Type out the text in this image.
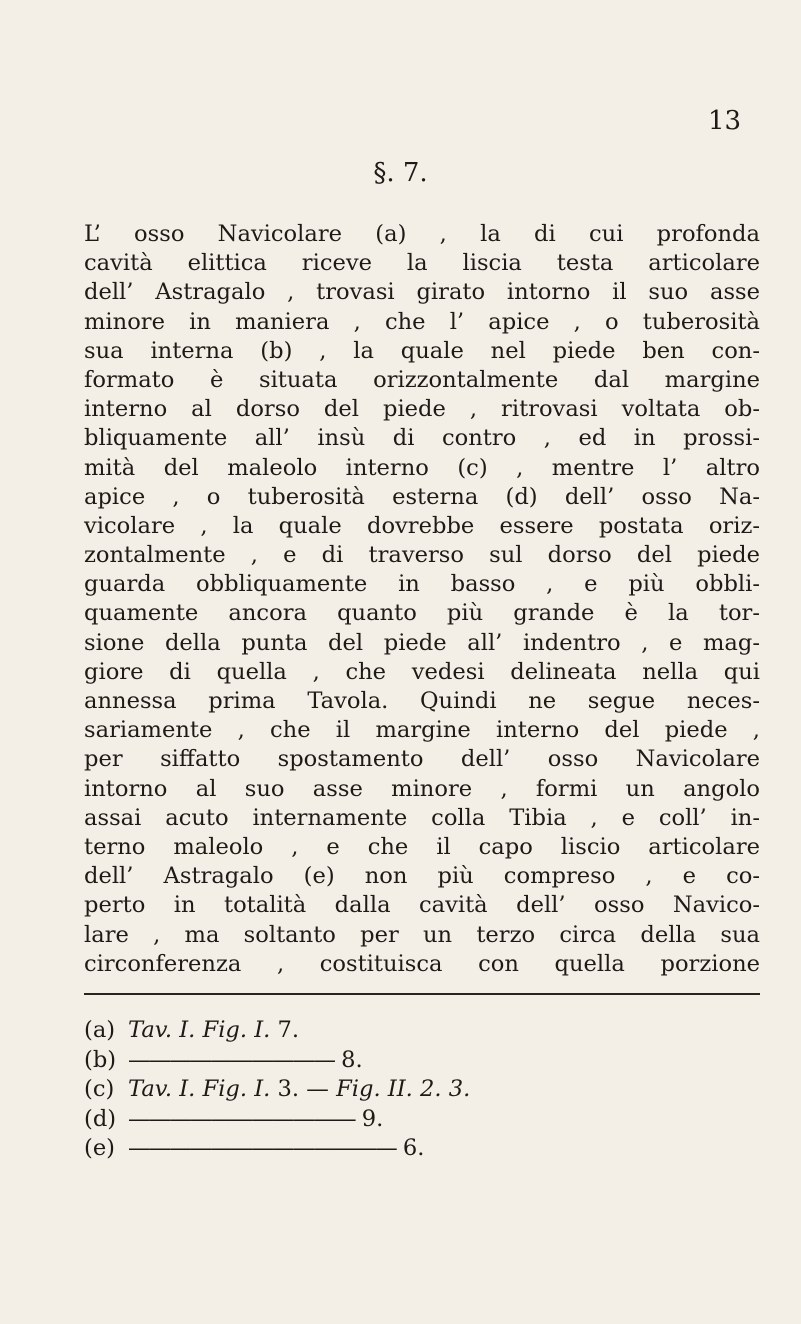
13
§. 7.
L’ osso Navicolare (a) , la di cui profonda
cavità elittica riceve la liscia testa articolare
dell’ Astragalo , trovasi girato intorno il suo asse
minore in maniera , che l’ apice , o tuberosità
sua interna (b) , la quale nel piede ben con-
formato è situata orizzontalmente dal margine
interno al dorso del piede , ritrovasi voltata ob-
bliquamente all’ insù di contro , ed in prossi-
mità del maleolo interno (c) , mentre l’ altro
apice , o tuberosità esterna (d) dell’ osso Na-
vicolare , la quale dovrebbe essere postata oriz-
zontalmente , e di traverso sul dorso del piede
guarda obbliquamente in basso , e più obbli-
quamente ancora quanto più grande è la tor-
sione della punta del piede all’ indentro , e mag-
giore di quella , che vedesi delineata nella qui
annessa prima Tavola. Quindi ne segue neces-
sariamente , che il margine interno del piede ,
per siffatto spostamento dell’ osso Navicolare
intorno al suo asse minore , formi un angolo
assai acuto internamente colla Tibia , e coll’ in-
terno maleolo , e che il capo liscio articolare
dell’ Astragalo (e) non più compreso , e co-
perto in totalità dalla cavità dell’ osso Navico-
lare , ma soltanto per un terzo circa della sua
circonferenza , costituisca con quella porzione
(a) Tav. I. Fig. I. 7.
(b) —————————— 8.
(c) Tav. I. Fig. I. 3. — Fig. II. 2. 3.
(d) ——————————— 9.
(e) ————————————— 6.
